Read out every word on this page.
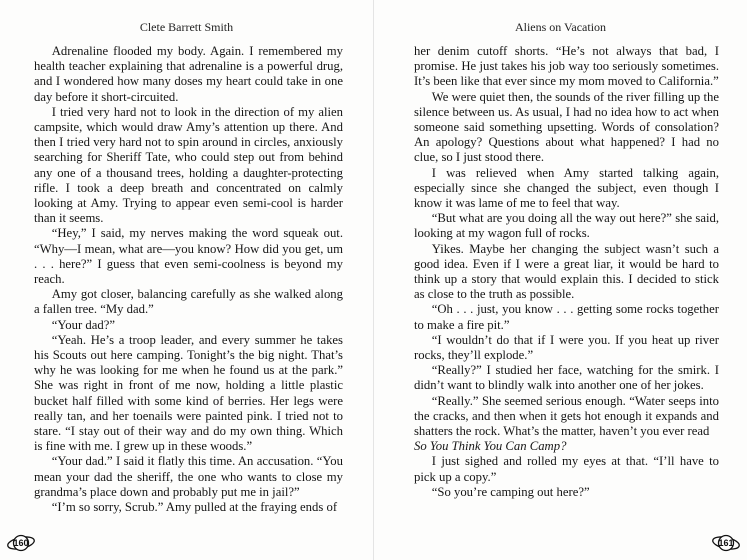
Clete Barrett Smith

Adrenaline flooded my body. Again. I remembered my health teacher explaining that adrenaline is a powerful drug, and I wondered how many doses my heart could take in one day before it short-circuited.

I tried very hard not to look in the direction of my alien campsite, which would draw Amy’s attention up there. And then I tried very hard not to spin around in circles, anxiously searching for Sheriff Tate, who could step out from behind any one of a thousand trees, holding a daughter-protecting rifle. I took a deep breath and concentrated on calmly looking at Amy. Trying to appear even semi-cool is harder than it seems.

“Hey,” I said, my nerves making the word squeak out. “Why—I mean, what are—you know? How did you get, um . . . here?” I guess that even semi-coolness is beyond my reach.

Amy got closer, balancing carefully as she walked along a fallen tree. “My dad.”

“Your dad?”

“Yeah. He’s a troop leader, and every summer he takes his Scouts out here camping. Tonight’s the big night. That’s why he was looking for me when he found us at the park.” She was right in front of me now, holding a little plastic bucket half filled with some kind of berries. Her legs were really tan, and her toenails were painted pink. I tried not to stare. “I stay out of their way and do my own thing. Which is fine with me. I grew up in these woods.”

“Your dad.” I said it flatly this time. An accusation. “You mean your dad the sheriff, the one who wants to close my grandma’s place down and probably put me in jail?”

“I’m so sorry, Scrub.” Amy pulled at the fraying ends of

160
Aliens on Vacation

her denim cutoff shorts. “He’s not always that bad, I promise. He just takes his job way too seriously sometimes. It’s been like that ever since my mom moved to California.”

We were quiet then, the sounds of the river filling up the silence between us. As usual, I had no idea how to act when someone said something upsetting. Words of consolation? An apology? Questions about what happened? I had no clue, so I just stood there.

I was relieved when Amy started talking again, especially since she changed the subject, even though I know it was lame of me to feel that way.

“But what are you doing all the way out here?” she said, looking at my wagon full of rocks.

Yikes. Maybe her changing the subject wasn’t such a good idea. Even if I were a great liar, it would be hard to think up a story that would explain this. I decided to stick as close to the truth as possible.

“Oh . . . just, you know . . . getting some rocks together to make a fire pit.”

“I wouldn’t do that if I were you. If you heat up river rocks, they’ll explode.”

“Really?” I studied her face, watching for the smirk. I didn’t want to blindly walk into another one of her jokes.

“Really.” She seemed serious enough. “Water seeps into the cracks, and then when it gets hot enough it expands and shatters the rock. What’s the matter, haven’t you ever read
So You Think You Can Camp?

I just sighed and rolled my eyes at that. “I’ll have to pick up a copy.”

“So you’re camping out here?”

161
